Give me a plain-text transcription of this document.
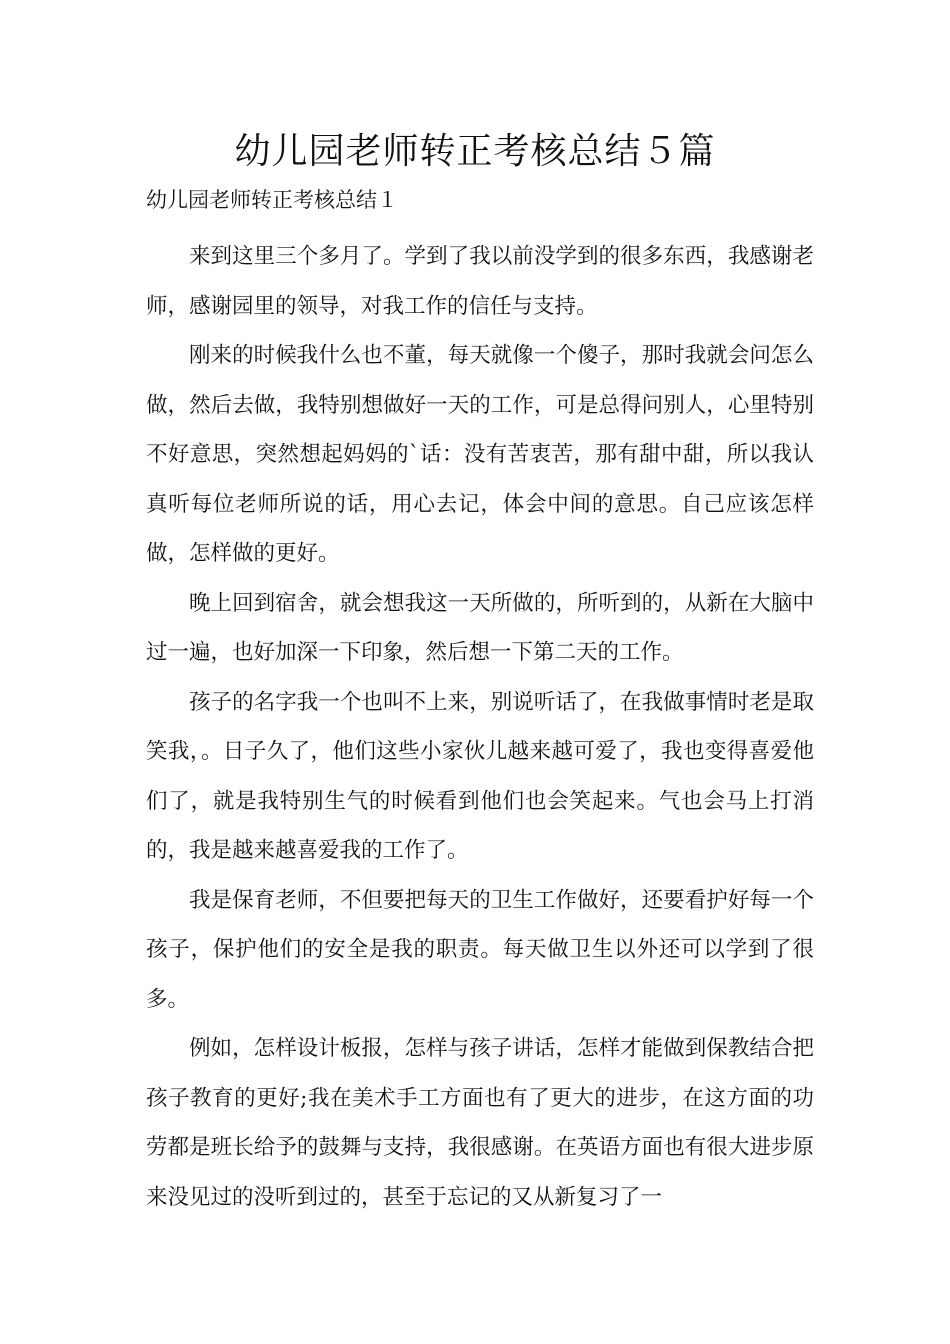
幼儿园老师转正考核总结５篇

幼儿园老师转正考核总结１

来到这里三个多月了。学到了我以前没学到的很多东西，我感谢老师，感谢园里的领导，对我工作的信任与支持。

刚来的时候我什么也不董，每天就像一个傻子，那时我就会问怎么做，然后去做，我特别想做好一天的工作，可是总得问别人，心里特别不好意思，突然想起妈妈的`话：没有苦衷苦，那有甜中甜，所以我认真听每位老师所说的话，用心去记，体会中间的意思。自己应该怎样做，怎样做的更好。

晚上回到宿舍，就会想我这一天所做的，所听到的，从新在大脑中过一遍，也好加深一下印象，然后想一下第二天的工作。

孩子的名字我一个也叫不上来，别说听话了，在我做事情时老是取笑我，。日子久了，他们这些小家伙儿越来越可爱了，我也变得喜爱他们了，就是我特别生气的时候看到他们也会笑起来。气也会马上打消的，我是越来越喜爱我的工作了。

我是保育老师，不但要把每天的卫生工作做好，还要看护好每一个孩子，保护他们的安全是我的职责。每天做卫生以外还可以学到了很多。

例如，怎样设计板报，怎样与孩子讲话，怎样才能做到保教结合把孩子教育的更好;我在美术手工方面也有了更大的进步，在这方面的功劳都是班长给予的鼓舞与支持，我很感谢。在英语方面也有很大进步原来没见过的没听到过的，甚至于忘记的又从新复习了一
